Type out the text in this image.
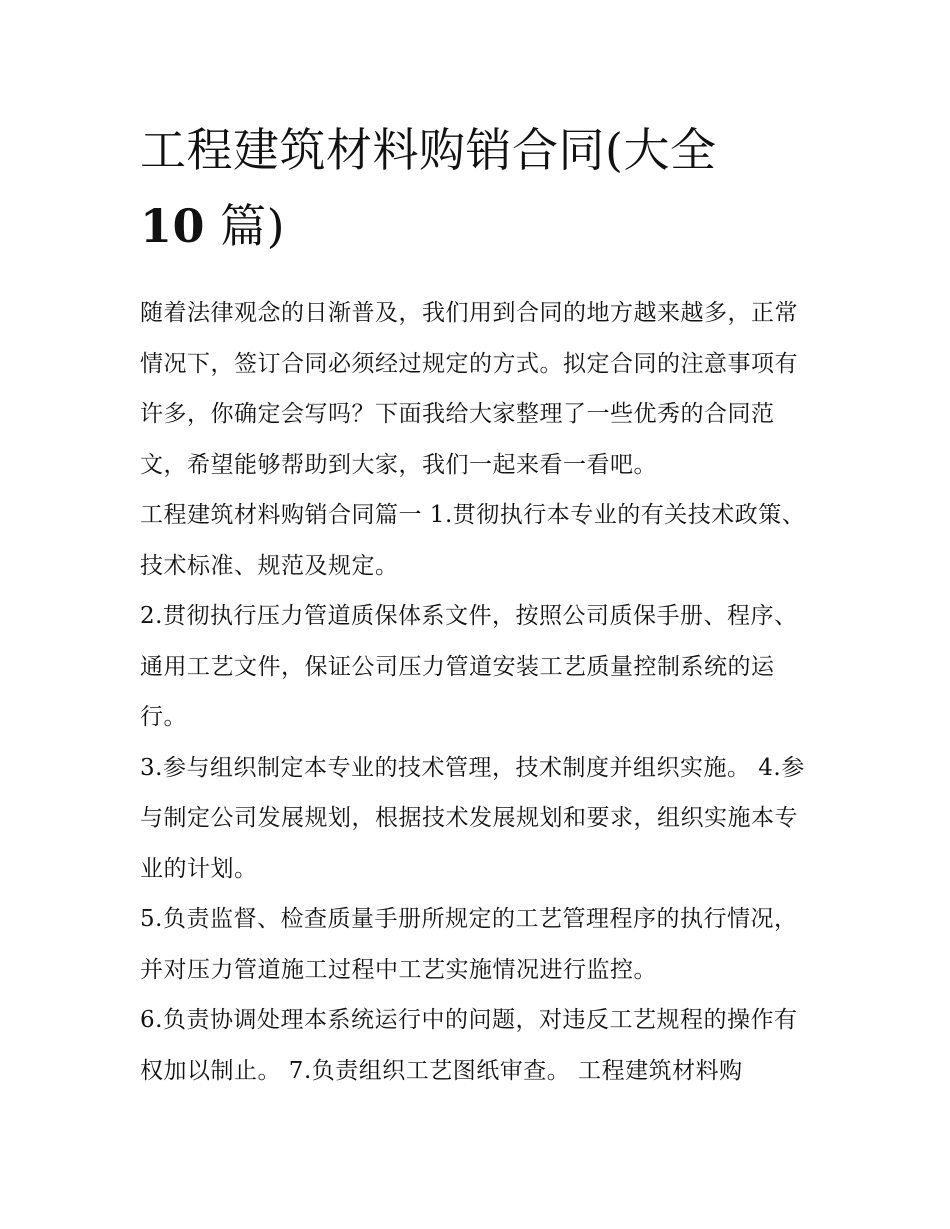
工程建筑材料购销合同(大全
10 篇)

随着法律观念的日渐普及，我们用到合同的地方越来越多，正常情况下，签订合同必须经过规定的方式。拟定合同的注意事项有许多，你确定会写吗？下面我给大家整理了一些优秀的合同范文，希望能够帮助到大家，我们一起来看一看吧。

工程建筑材料购销合同篇一 1.贯彻执行本专业的有关技术政策、技术标准、规范及规定。

2.贯彻执行压力管道质保体系文件，按照公司质保手册、程序、通用工艺文件，保证公司压力管道安装工艺质量控制系统的运行。

3.参与组织制定本专业的技术管理，技术制度并组织实施。 4.参与制定公司发展规划，根据技术发展规划和要求，组织实施本专业的计划。

5.负责监督、检查质量手册所规定的工艺管理程序的执行情况，并对压力管道施工过程中工艺实施情况进行监控。

6.负责协调处理本系统运行中的问题，对违反工艺规程的操作有权加以制止。 7.负责组织工艺图纸审查。 工程建筑材料购
